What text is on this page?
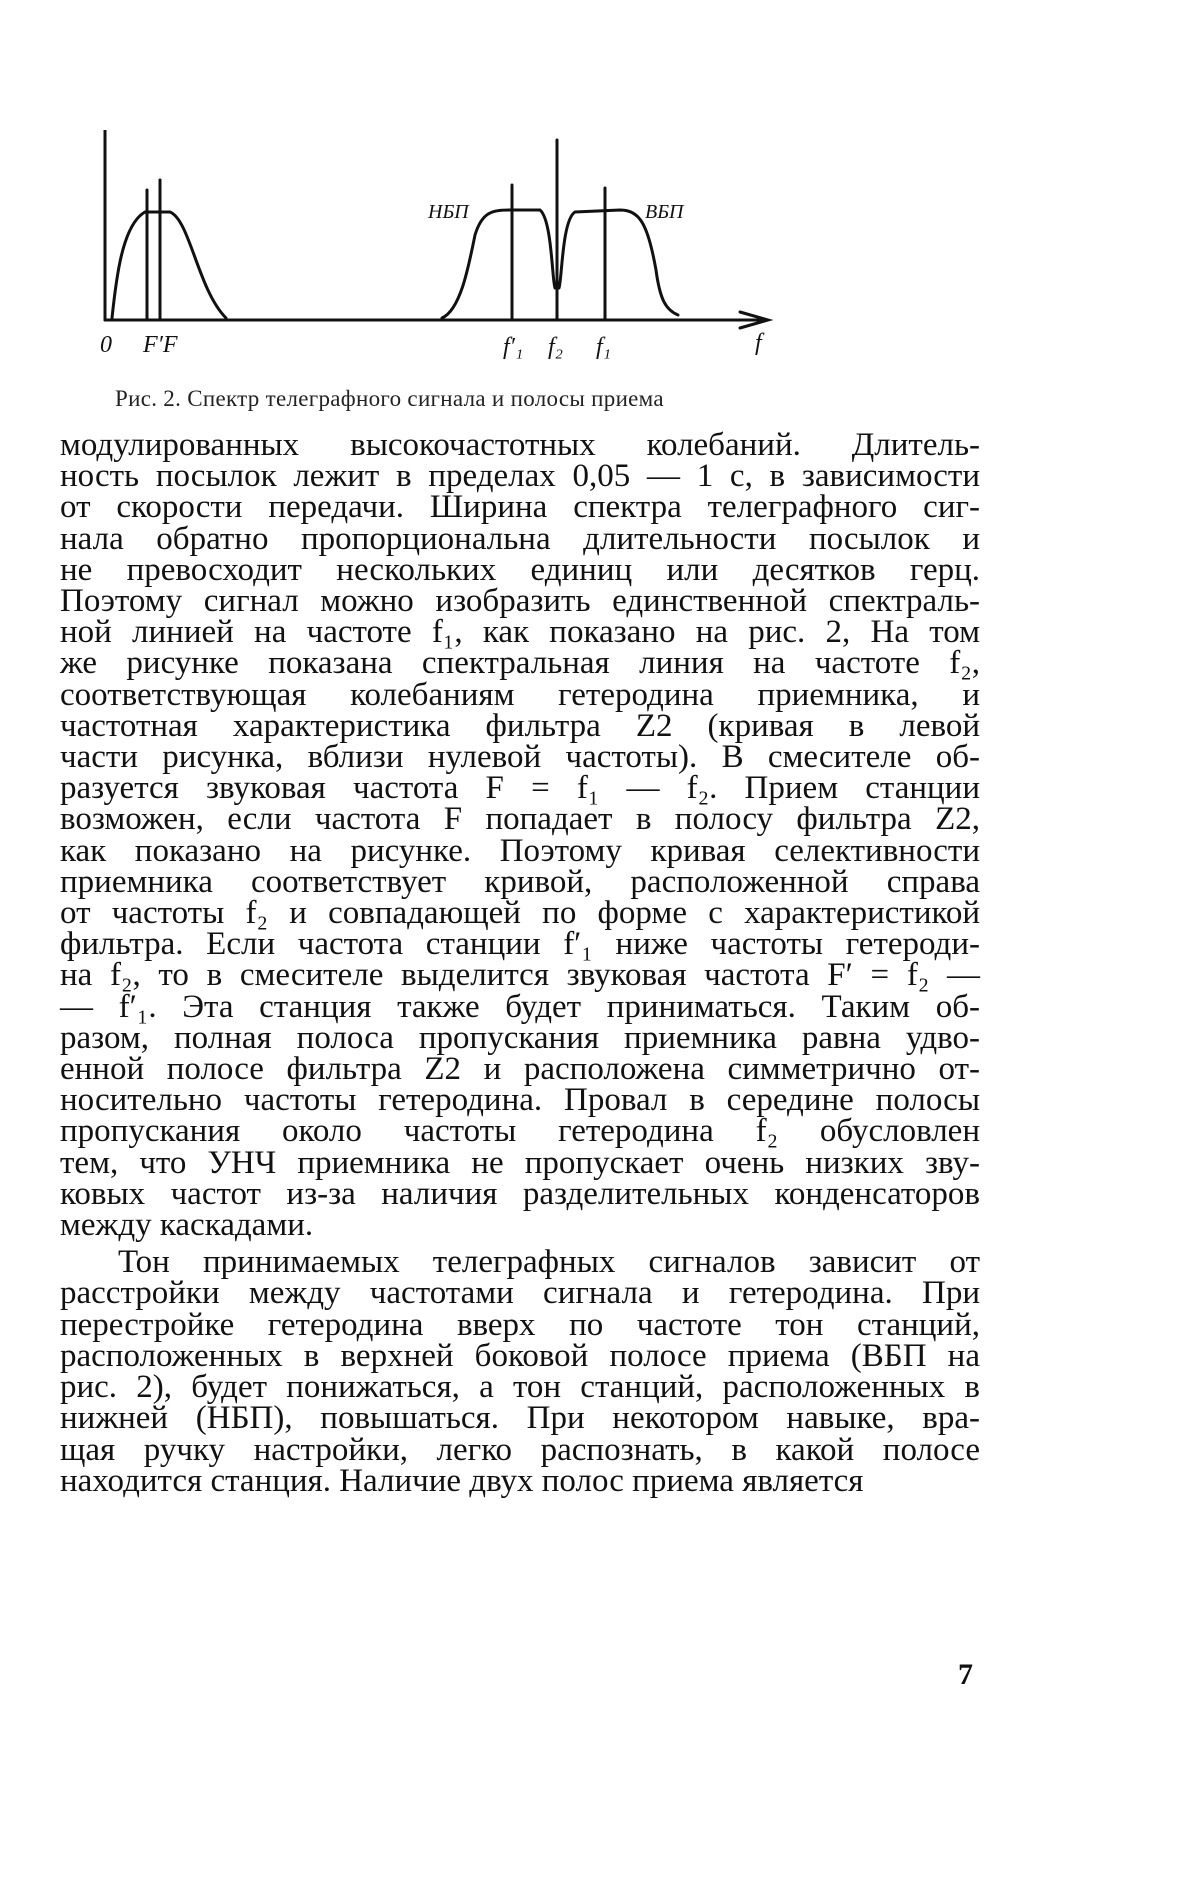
0 F′F	f′₁ f₂ f₁	f
НБП	ВБП
Рис. 2. Спектр телеграфного сигнала и полосы приема
модулированных высокочастотных колебаний. Длитель-
ность посылок лежит в пределах 0,05 — 1 с, в зависимости
от скорости передачи. Ширина спектра телеграфного сиг-
нала обратно пропорциональна длительности посылок и
не превосходит нескольких единиц или десятков герц.
Поэтому сигнал можно изобразить единственной спектраль-
ной линией на частоте f₁, как показано на рис. 2, На том
же рисунке показана спектральная линия на частоте f₂,
соответствующая колебаниям гетеродина приемника, и
частотная характеристика фильтра Z2 (кривая в левой
части рисунка, вблизи нулевой частоты). В смесителе об-
разуется звуковая частота F = f₁ — f₂. Прием станции
возможен, если частота F попадает в полосу фильтра Z2,
как показано на рисунке. Поэтому кривая селективности
приемника соответствует кривой, расположенной справа
от частоты f₂ и совпадающей по форме с характеристикой
фильтра. Если частота станции f′₁ ниже частоты гетероди-
на f₂, то в смесителе выделится звуковая частота F′ = f₂ —
— f′₁. Эта станция также будет приниматься. Таким об-
разом, полная полоса пропускания приемника равна удво-
енной полосе фильтра Z2 и расположена симметрично от-
носительно частоты гетеродина. Провал в середине полосы
пропускания около частоты гетеродина f₂ обусловлен
тем, что УНЧ приемника не пропускает очень низких зву-
ковых частот из-за наличия разделительных конденсаторов
между каскадами.
Тон принимаемых телеграфных сигналов зависит от
расстройки между частотами сигнала и гетеродина. При
перестройке гетеродина вверх по частоте тон станций,
расположенных в верхней боковой полосе приема (ВБП на
рис. 2), будет понижаться, а тон станций, расположенных в
нижней (НБП), повышаться. При некотором навыке, вра-
щая ручку настройки, легко распознать, в какой полосе
находится станция. Наличие двух полос приема является
7
